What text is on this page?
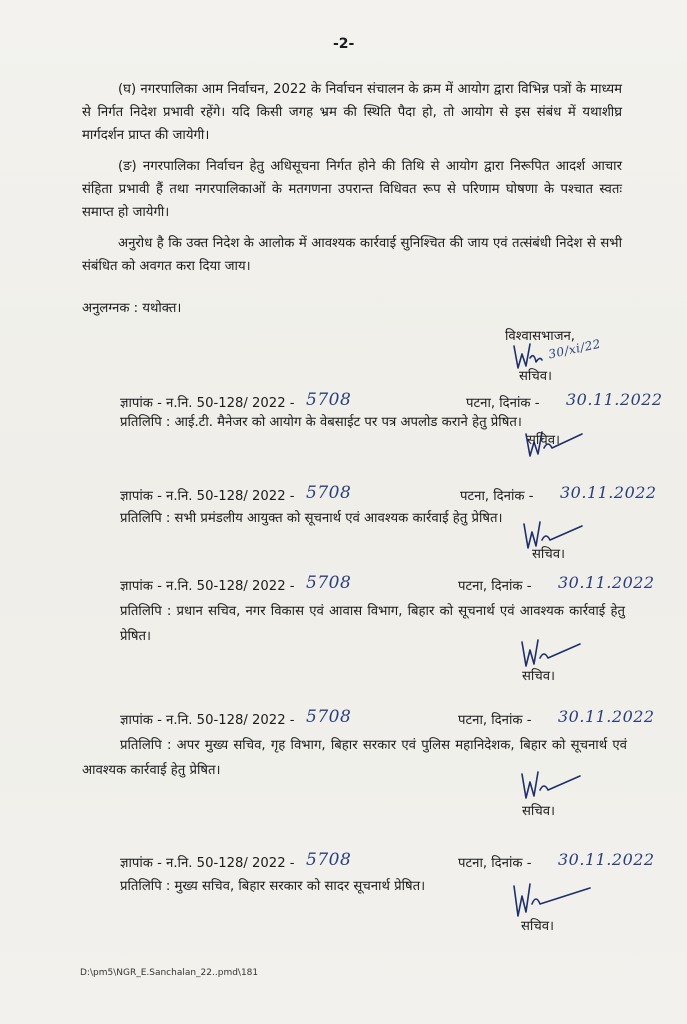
-2-
(घ) नगरपालिका आम निर्वाचन, 2022 के निर्वाचन संचालन के क्रम में आयोग द्वारा विभिन्न पत्रों के माध्यम से निर्गत निदेश प्रभावी रहेंगे। यदि किसी जगह भ्रम की स्थिति पैदा हो, तो आयोग से इस संबंध में यथाशीघ्र मार्गदर्शन प्राप्त की जायेगी।
(ङ) नगरपालिका निर्वाचन हेतु अधिसूचना निर्गत होने की तिथि से आयोग द्वारा निरूपित आदर्श आचार संहिता प्रभावी हैं तथा नगरपालिकाओं के मतगणना उपरान्त विधिवत रूप से परिणाम घोषणा के पश्चात स्वतः समाप्त हो जायेगी।
अनुरोध है कि उक्त निदेश के आलोक में आवश्यक कार्रवाई सुनिश्चित की जाय एवं तत्संबंधी निदेश से सभी संबंधित को अवगत करा दिया जाय।
अनुलग्नक : यथोक्त।
विश्वासभाजन,
30/xi/22
सचिव।
ज्ञापांक - न.नि. 50-128/ 2022 - 5708	पटना, दिनांक - 30.11.2022
प्रतिलिपि : आई.टी. मैनेजर को आयोग के वेबसाईट पर पत्र अपलोड कराने हेतु प्रेषित।
सचिव।
ज्ञापांक - न.नि. 50-128/ 2022 - 5708	पटना, दिनांक - 30.11.2022
प्रतिलिपि : सभी प्रमंडलीय आयुक्त को सूचनार्थ एवं आवश्यक कार्रवाई हेतु प्रेषित।
सचिव।
ज्ञापांक - न.नि. 50-128/ 2022 - 5708	पटना, दिनांक - 30.11.2022
प्रतिलिपि : प्रधान सचिव, नगर विकास एवं आवास विभाग, बिहार को सूचनार्थ एवं आवश्यक कार्रवाई हेतु प्रेषित।
सचिव।
ज्ञापांक - न.नि. 50-128/ 2022 - 5708	पटना, दिनांक - 30.11.2022
प्रतिलिपि : अपर मुख्य सचिव, गृह विभाग, बिहार सरकार एवं पुलिस महानिदेशक, बिहार को सूचनार्थ एवं आवश्यक कार्रवाई हेतु प्रेषित।
सचिव।
ज्ञापांक - न.नि. 50-128/ 2022 - 5708	पटना, दिनांक - 30.11.2022
प्रतिलिपि : मुख्य सचिव, बिहार सरकार को सादर सूचनार्थ प्रेषित।
सचिव।
D:\pm5\NGR_E.Sanchalan_22..pmd\181
